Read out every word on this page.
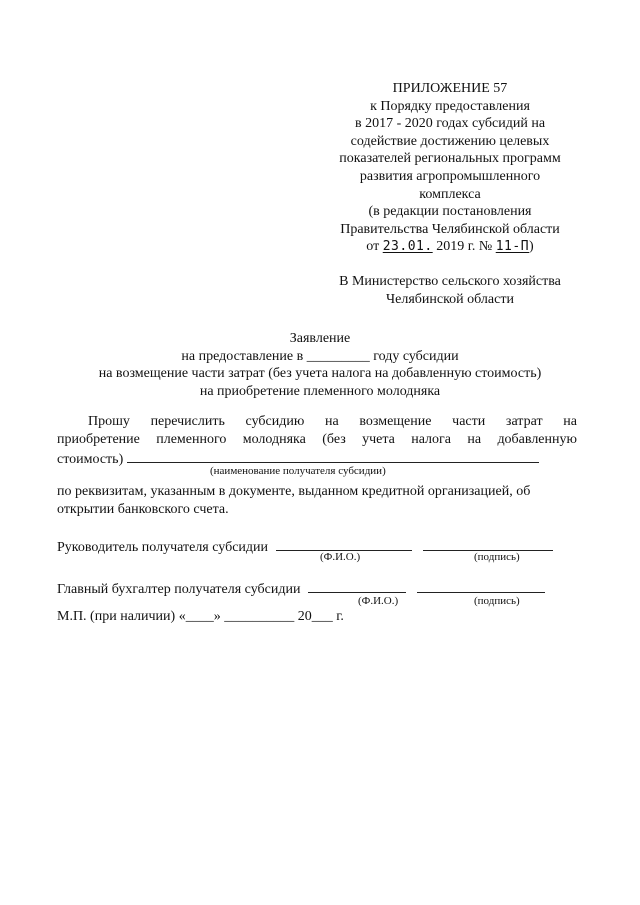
ПРИЛОЖЕНИЕ 57
к Порядку предоставления
в 2017 - 2020 годах субсидий на
содействие достижению целевых
показателей региональных программ
развития агропромышленного
комплекса
(в редакции постановления
Правительства Челябинской области
от 23.01. 2019 г. № 11-П)
В Министерство сельского хозяйства
Челябинской области
Заявление
на предоставление в _________ году субсидии
на возмещение части затрат (без учета налога на добавленную стоимость)
на приобретение племенного молодняка
Прошу перечислить субсидию на возмещение части затрат на
приобретение племенного молодняка (без учета налога на добавленную
стоимость)
(наименование получателя субсидии)
по реквизитам, указанным в документе, выданном кредитной организацией, об
открытии банковского счета.
Руководитель получателя субсидии
(Ф.И.О.)	(подпись)
Главный бухгалтер получателя субсидии
(Ф.И.О.)	(подпись)
М.П. (при наличии) «____» __________ 20___ г.
